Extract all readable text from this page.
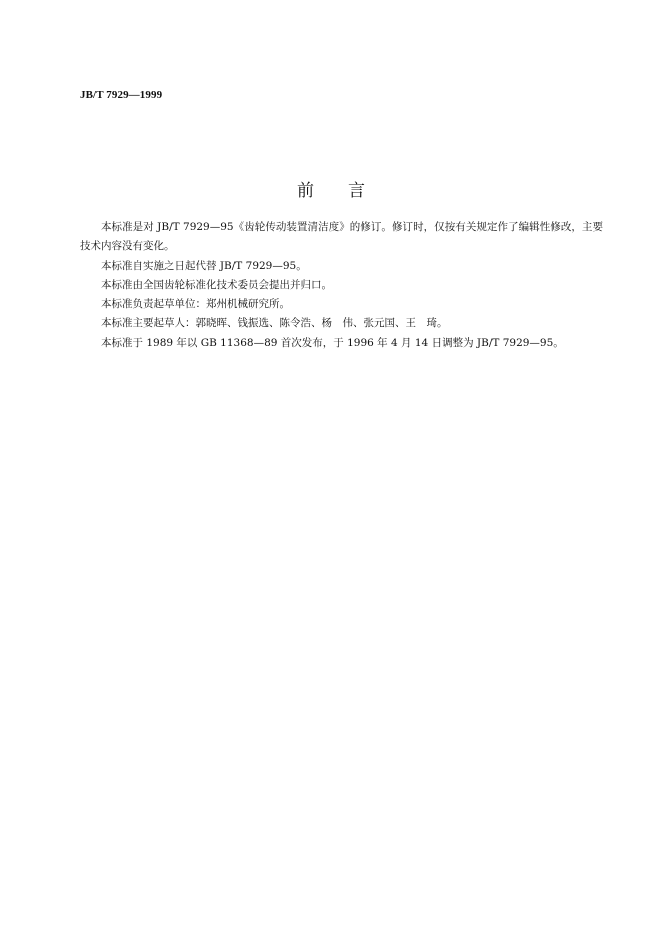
JB/T 7929—1999
前 言

本标准是对 JB/T 7929—95《齿轮传动装置清洁度》的修订。修订时，仅按有关规定作了编辑性修改，主要技术内容没有变化。

本标准自实施之日起代替 JB/T 7929—95。

本标准由全国齿轮标准化技术委员会提出并归口。

本标准负责起草单位：郑州机械研究所。

本标准主要起草人：郭晓晖、钱振选、陈令浩、杨　伟、张元国、王　琦。

本标准于 1989 年以 GB 11368—89 首次发布，于 1996 年 4 月 14 日调整为 JB/T 7929—95。
